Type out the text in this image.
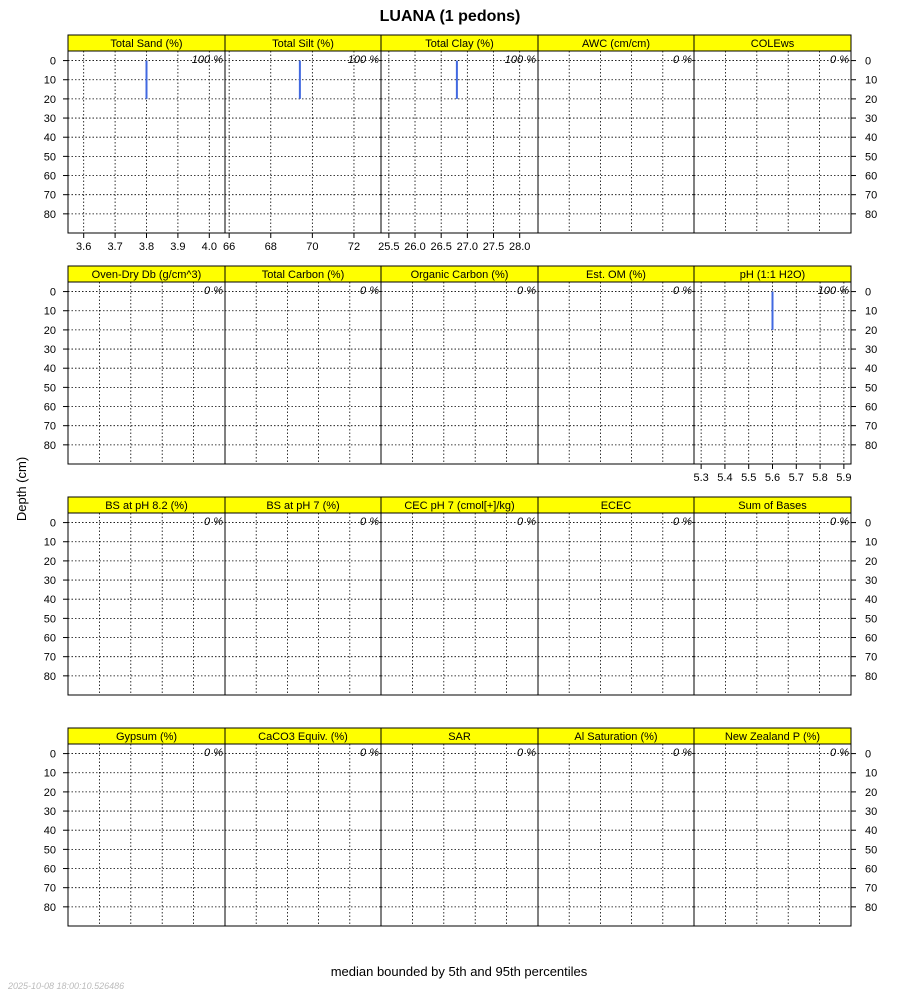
LUANA (1 pedons)
Depth (cm)
median bounded by 5th and 95th percentiles
2025-10-08 18:00:10.526486
Total Sand (%)
100 %
3.6 3.7 3.8 3.9 4.0
0
10
20
30
40
50
60
70
80
Total Silt (%)
100 %
66	68	70	72
Total Clay (%)
100 %
25.5 26.0 26.5 27.0 27.5 28.0
AWC (cm/cm)
0 %
COLEws
0 % 0
10
20
30
40
50
60
70
80
Oven-Dry Db (g/cm^3)
0 %
0
10
20
30
40
50
60
70
80
Total Carbon (%)
0 %
Organic Carbon (%)
0 %
Est. OM (%)
0 %
pH (1:1 H2O)
100 %
5.3 5.4 5.5 5.6 5.7 5.8 5.9
0
10
20
30
40
50
60
70
80
BS at pH 8.2 (%)
0 %
0
10
20
30
40
50
60
70
80
BS at pH 7 (%)
0 %
CEC pH 7 (cmol[+]/kg)
0 %
ECEC
0 %
Sum of Bases
0 % 0
10
20
30
40
50
60
70
80
Gypsum (%)
0 %
0
10
20
30
40
50
60
70
80
CaCO3 Equiv. (%)
0 %
SAR
0 %
Al Saturation (%)
0 %
New Zealand P (%)
0 % 0
10
20
30
40
50
60
70
80
